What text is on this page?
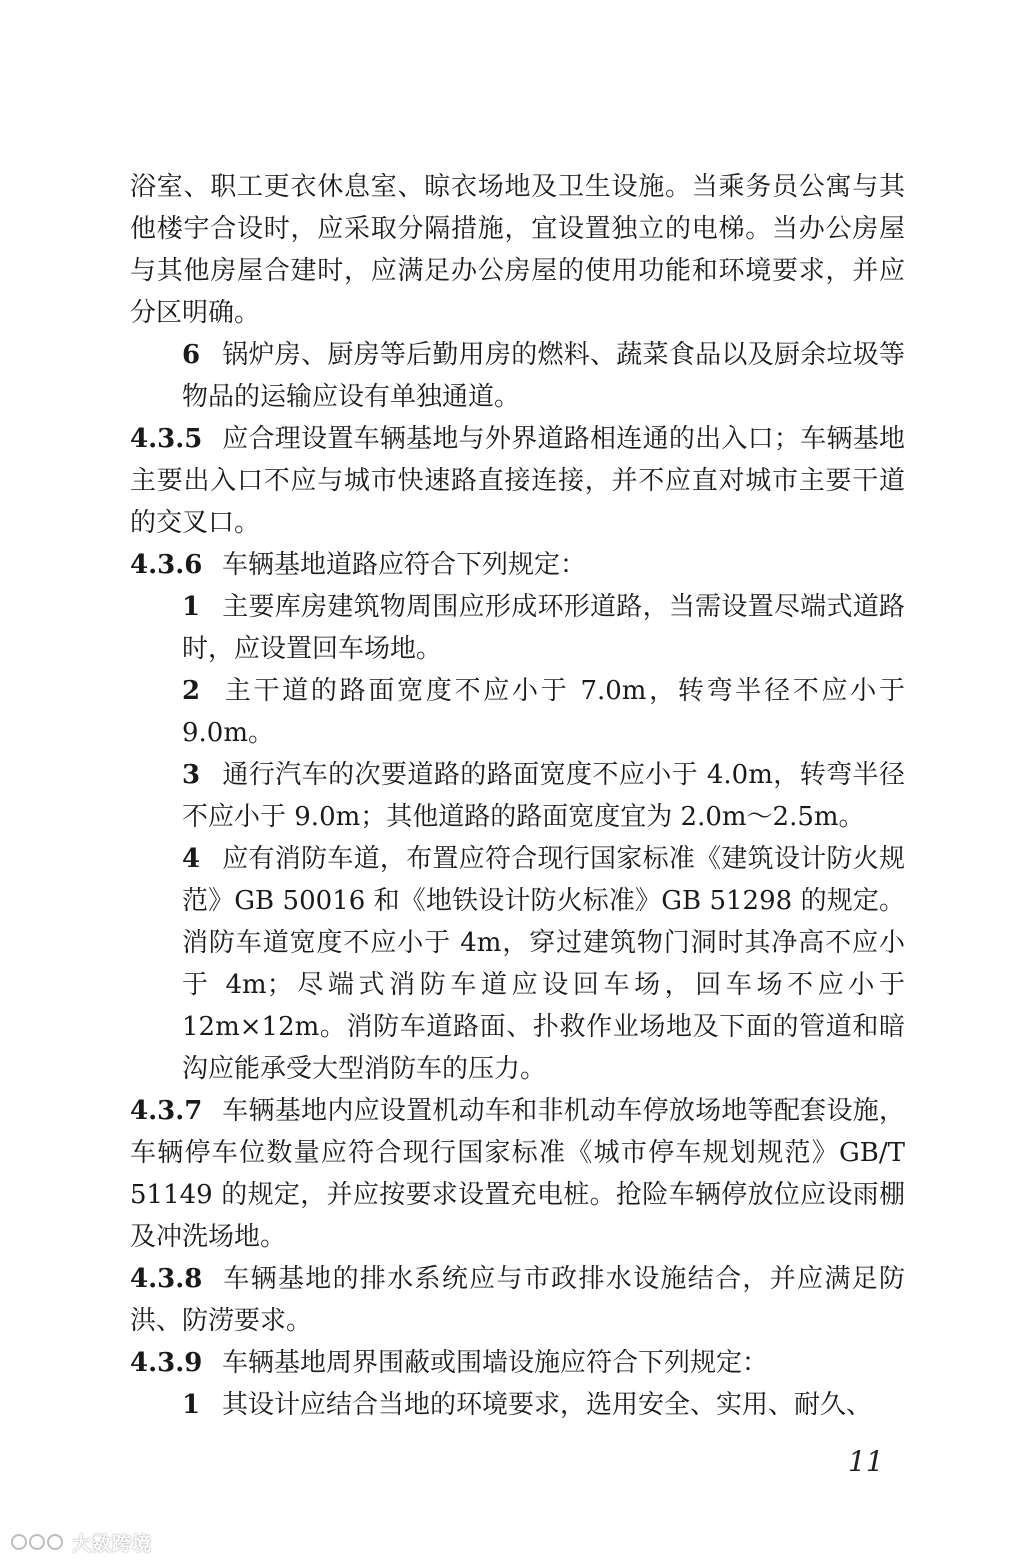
浴室、职工更衣休息室、晾衣场地及卫生设施。当乘务员公寓与其他楼宇合设时，应采取分隔措施，宜设置独立的电梯。当办公房屋与其他房屋合建时，应满足办公房屋的使用功能和环境要求，并应分区明确。

6 锅炉房、厨房等后勤用房的燃料、蔬菜食品以及厨余垃圾等物品的运输应设有单独通道。

4.3.5 应合理设置车辆基地与外界道路相连通的出入口；车辆基地主要出入口不应与城市快速路直接连接，并不应直对城市主要干道的交叉口。

4.3.6 车辆基地道路应符合下列规定：

1 主要库房建筑物周围应形成环形道路，当需设置尽端式道路时，应设置回车场地。

2 主干道的路面宽度不应小于 7.0m，转弯半径不应小于 9.0m。

3 通行汽车的次要道路的路面宽度不应小于 4.0m，转弯半径不应小于 9.0m；其他道路的路面宽度宜为 2.0m～2.5m。

4 应有消防车道，布置应符合现行国家标准《建筑设计防火规范》GB 50016 和《地铁设计防火标准》GB 51298 的规定。消防车道宽度不应小于 4m，穿过建筑物门洞时其净高不应小于 4m；尽端式消防车道应设回车场，回车场不应小于 12m×12m。消防车道路面、扑救作业场地及下面的管道和暗沟应能承受大型消防车的压力。

4.3.7 车辆基地内应设置机动车和非机动车停放场地等配套设施，车辆停车位数量应符合现行国家标准《城市停车规划规范》GB/T 51149 的规定，并应按要求设置充电桩。抢险车辆停放位应设雨棚及冲洗场地。

4.3.8 车辆基地的排水系统应与市政排水设施结合，并应满足防洪、防涝要求。

4.3.9 车辆基地周界围蔽或围墙设施应符合下列规定：

1 其设计应结合当地的环境要求，选用安全、实用、耐久、

11
大数跨境
